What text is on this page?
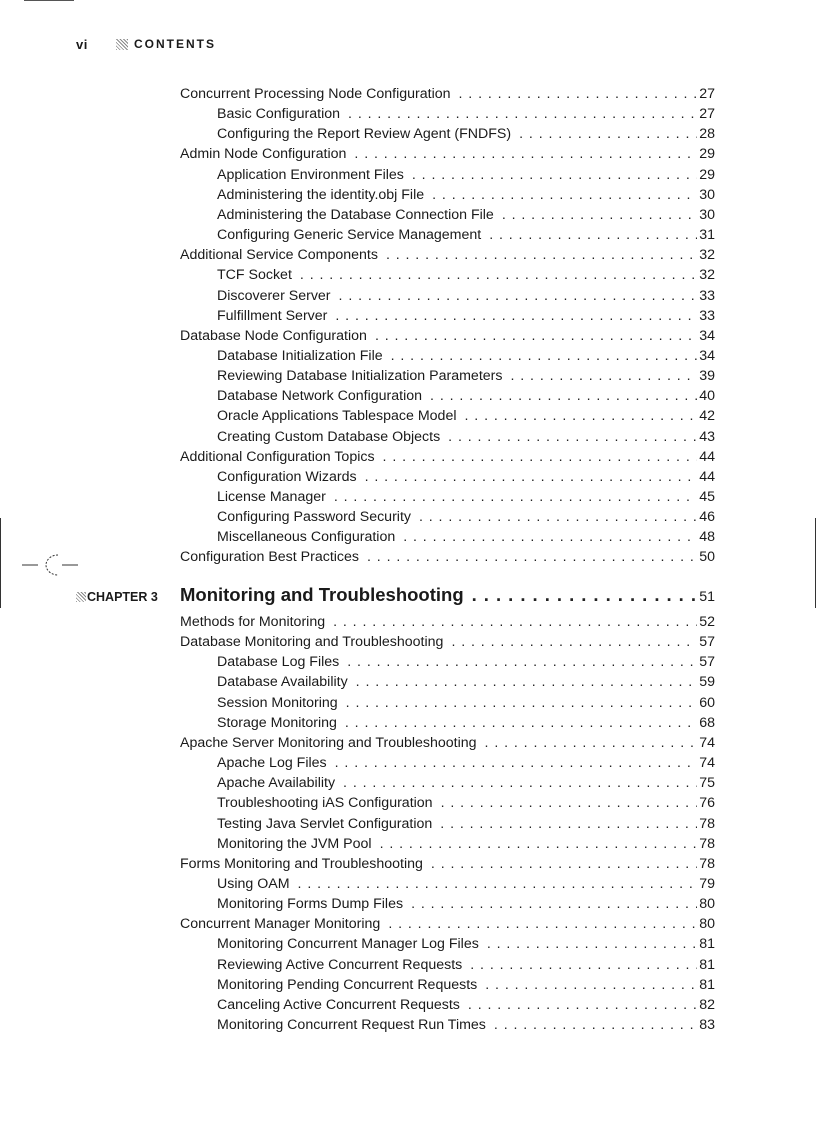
vi	CONTENTS
Concurrent Processing Node Configuration . . .	27
Basic Configuration . . .	27
Configuring the Report Review Agent (FNDFS) . . .	28
Admin Node Configuration . . .	29
Application Environment Files . . .	29
Administering the identity.obj File . . .	30
Administering the Database Connection File . . .	30
Configuring Generic Service Management . . .	31
Additional Service Components . . .	32
TCF Socket . . .	32
Discoverer Server . . .	33
Fulfillment Server . . .	33
Database Node Configuration . . .	34
Database Initialization File . . .	34
Reviewing Database Initialization Parameters . . .	39
Database Network Configuration . . .	40
Oracle Applications Tablespace Model . . .	42
Creating Custom Database Objects . . .	43
Additional Configuration Topics . . .	44
Configuration Wizards . . .	44
License Manager . . .	45
Configuring Password Security . . .	46
Miscellaneous Configuration . . .	48
Configuration Best Practices . . .	50
CHAPTER 3 Monitoring and Troubleshooting . . .	51
Methods for Monitoring . . .	52
Database Monitoring and Troubleshooting . . .	57
Database Log Files . . .	57
Database Availability . . .	59
Session Monitoring . . .	60
Storage Monitoring . . .	68
Apache Server Monitoring and Troubleshooting . . .	74
Apache Log Files . . .	74
Apache Availability . . .	75
Troubleshooting iAS Configuration . . .	76
Testing Java Servlet Configuration . . .	78
Monitoring the JVM Pool . . .	78
Forms Monitoring and Troubleshooting . . .	78
Using OAM . . .	79
Monitoring Forms Dump Files . . .	80
Concurrent Manager Monitoring . . .	80
Monitoring Concurrent Manager Log Files . . .	81
Reviewing Active Concurrent Requests . . .	81
Monitoring Pending Concurrent Requests . . .	81
Canceling Active Concurrent Requests . . .	82
Monitoring Concurrent Request Run Times . . .	83
